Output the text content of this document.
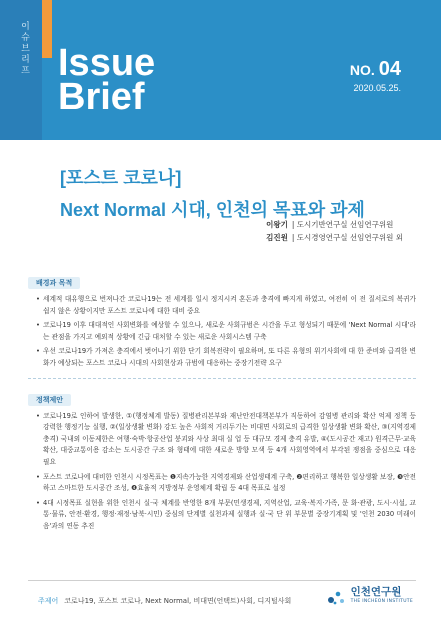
이슈브리프 Issue
Brief
NO. 04
2020.05.25.
[포스트 코로나]
Next Normal 시대, 인천의 목표와 과제
이왕기 | 도시기반연구실 선임연구위원
김진원 | 도시경영연구실 선임연구위원 외
배경과 목적
• 세계적 대유행으로 번져나간 코로나19는 전 세계를 일시 정지시켜 혼돈과 충격에 빠지게 하였고, 여전히 이 전 질서로의 복귀가 쉽지 않은 상황이지만 포스트 코로나에 대한 대비 중요
• 코로나19 이후 대대적인 사회변화를 예상할 수 있으나, 새로운 사회규범은 시간을 두고 형성되기 때문에 'Next Normal 시대'라는 관점을 가지고 예외적 상황에 긴급 대처할 수 있는 새로운 사회시스템 구축
• 우선 코로나19가 가져온 충격에서 벗어나기 위한 단기 회복전략이 필요하며, 또 다른 유형의 위기사회에 대 한 준비와 급격한 변화가 예상되는 포스트 코로나 시대의 사회현상과 규범에 대응하는 중장기전략 요구
정책제안
• 코로나19로 인하여 발생한, ①(행정체계 발동) 질병관리본부와 재난안전대책본부가 직동하여 감염병 관리와 확산 억제 정책 등 강력한 행정기능 실행, ②(일상생활 변화) 강도 높은 사회적 거리두기는 비대면 사회로의 급격한 일상생활 변화 확산, ③(지역경제 충격) 국내외 이동제한은 여행·숙박·항공산업 붕괴와 사상 최대 실 업 등 대규모 경제 충격 유발, ④(도시공간 재고) 원격근무·교육 확산, 대중교통이용 감소는 도시공간 구조 와 형태에 대한 새로운 방향 모색 등 4개 사회영역에서 부각된 쟁점을 중심으로 대응 필요
• 포스트 코로나에 대비한 인천시 시정목표는 ❶지속가능한 지역경제와 산업생태계 구축, ❷편리하고 행복한 일상생활 보장, ❸안전하고 스마트한 도시공간 조성, ❹효율적 지방정부 운영체계 확립 등 4대 목표로 설정
• 4대 시정목표 실현을 위한 인천시 실·국 체계를 반영한 8개 부문(민생경제, 지역산업, 교육·복지·가족, 문 화·관광, 도시·시설, 교통·물류, 안전·환경, 행정·재정·남북·시민) 중심의 단계별 실천과제 실행과 실·국 단 위 부문별 중장기계획 및 '인천 2030 미래이음'과의 연동 추진
주제어 코로나19, 포스트 코로나, Next Normal, 비대면(언택트)사회, 디지털사회
인천연구원
THE INCHEON INSTITUTE
